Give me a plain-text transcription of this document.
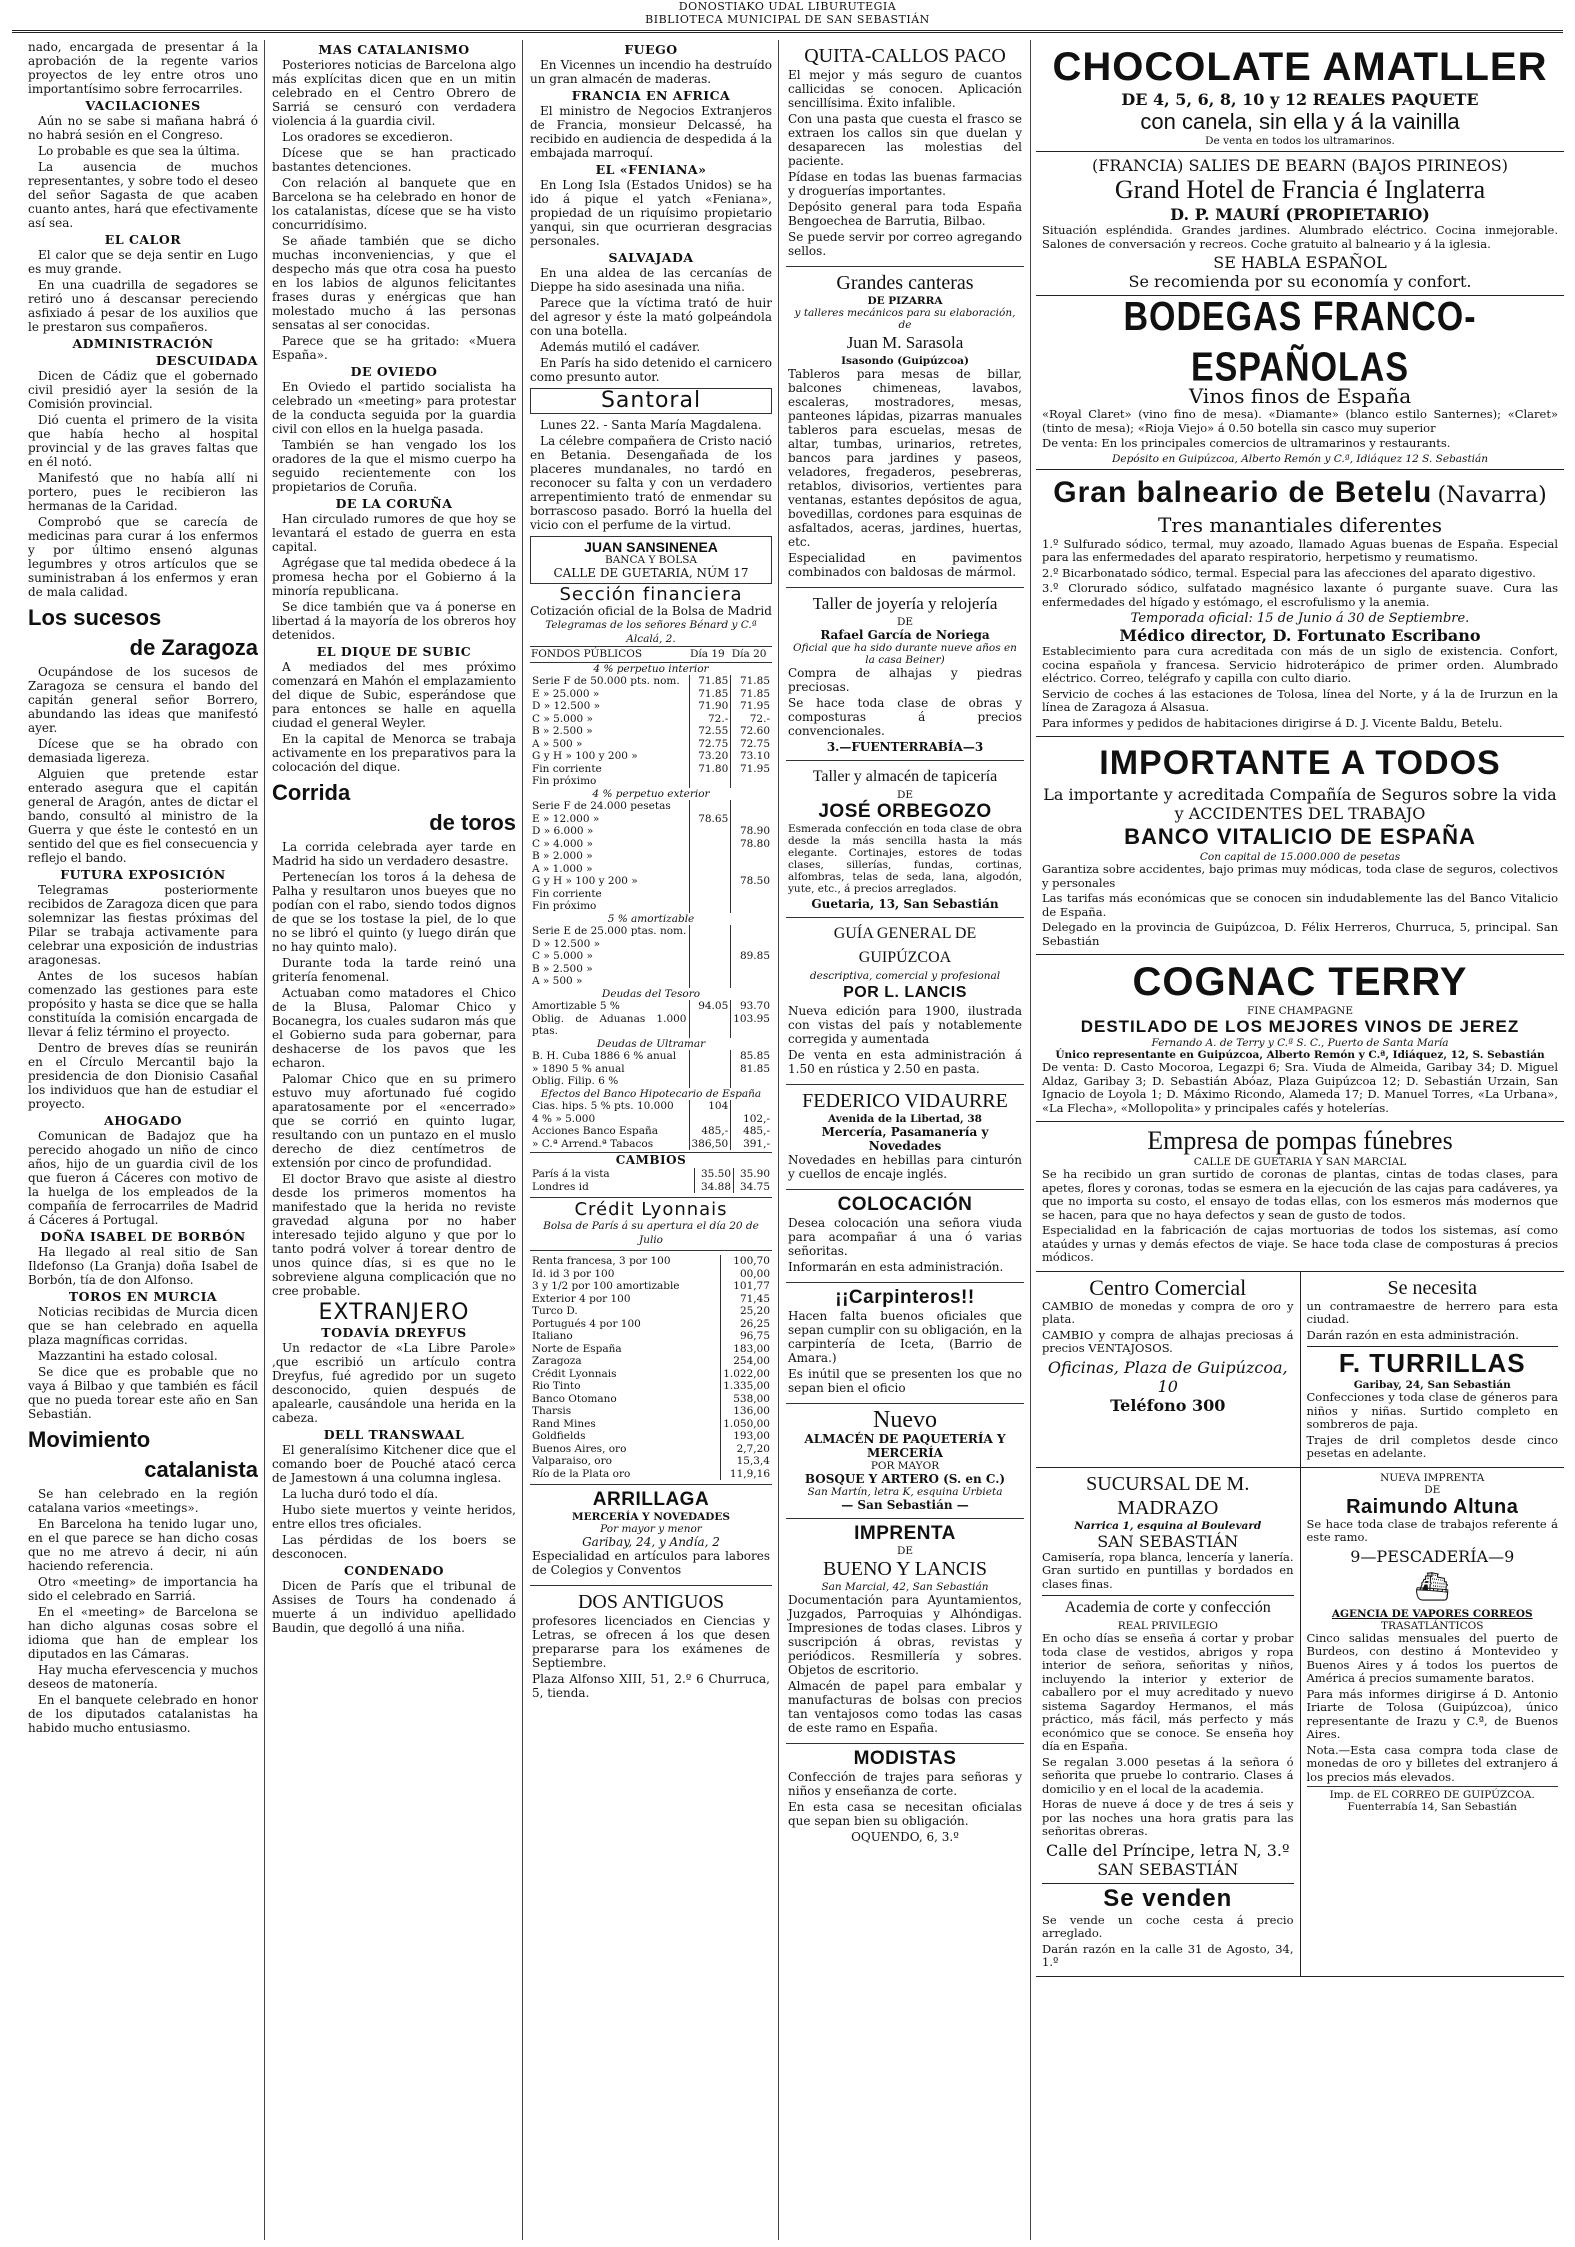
DONOSTIAKO UDAL LIBURUTEGIA
BIBLIOTECA MUNICIPAL DE SAN SEBASTIÁN

nado, encargada de presentar á la aprobación de la regente varios proyectos de ley entre otros uno importantísimo sobre ferrocarriles.

VACILACIONES

Aún no se sabe si mañana habrá ó no habrá sesión en el Congreso.

Lo probable es que sea la última.

La ausencia de muchos representantes, y sobre todo el deseo del señor Sagasta de que acaben cuanto antes, hará que efectivamente así sea.

EL CALOR

El calor que se deja sentir en Lugo es muy grande.

En una cuadrilla de segadores se retiró uno á descansar pereciendo asfixiado á pesar de los auxilios que le prestaron sus compañeros.

ADMINISTRACIÓN
DESCUIDADA

Dicen de Cádiz que el gobernado civil presidió ayer la sesión de la Comisión provincial.

Dió cuenta el primero de la visita que había hecho al hospital provincial y de las graves faltas que en él notó.

Manifestó que no había allí ni portero, pues le recibieron las hermanas de la Caridad.

Comprobó que se carecía de medicinas para curar á los enfermos y por último ensenó algunas legumbres y otros artículos que se suministraban á los enfermos y eran de mala calidad.

Los sucesos
de Zaragoza

Ocupándose de los sucesos de Zaragoza se censura el bando del capitán general señor Borrero, abundando las ideas que manifestó ayer.

Dícese que se ha obrado con demasiada ligereza.

Alguien que pretende estar enterado asegura que el capitán general de Aragón, antes de dictar el bando, consultó al ministro de la Guerra y que éste le contestó en un sentido del que es fiel consecuencia y reflejo el bando.

FUTURA EXPOSICIÓN

Telegramas posteriormente recibidos de Zaragoza dicen que para solemnizar las fiestas próximas del Pilar se trabaja activamente para celebrar una exposición de industrias aragonesas.

Antes de los sucesos habían comenzado las gestiones para este propósito y hasta se dice que se halla constituída la comisión encargada de llevar á feliz término el proyecto.

Dentro de breves días se reunirán en el Círculo Mercantil bajo la presidencia de don Dionisio Casañal los individuos que han de estudiar el proyecto.

AHOGADO

Comunican de Badajoz que ha perecido ahogado un niño de cinco años, hijo de un guardia civil de los que fueron á Cáceres con motivo de la huelga de los empleados de la compañía de ferrocarriles de Madrid á Cáceres á Portugal.

DOÑA ISABEL DE BORBÓN

Ha llegado al real sitio de San Ildefonso (La Granja) doña Isabel de Borbón, tía de don Alfonso.

TOROS EN MURCIA

Noticias recibidas de Murcia dicen que se han celebrado en aquella plaza magníficas corridas.

Mazzantini ha estado colosal.

Se dice que es probable que no vaya á Bilbao y que también es fácil que no pueda torear este año en San Sebastián.

Movimiento
catalanista

Se han celebrado en la región catalana varios «meetings».

En Barcelona ha tenido lugar uno, en el que parece se han dicho cosas que no me atrevo á decir, ni aún haciendo referencia.

Otro «meeting» de importancia ha sido el celebrado en Sarriá.

En el «meeting» de Barcelona se han dicho algunas cosas sobre el idioma que han de emplear los diputados en las Cámaras.

Hay mucha efervescencia y muchos deseos de matonería.

En el banquete celebrado en honor de los diputados catalanistas ha habido mucho entusiasmo.

MAS CATALANISMO

Posteriores noticias de Barcelona algo más explícitas dicen que en un mitin celebrado en el Centro Obrero de Sarriá se censuró con verdadera violencia á la guardia civil.

Los oradores se excedieron.

Dícese que se han practicado bastantes detenciones.

Con relación al banquete que en Barcelona se ha celebrado en honor de los catalanistas, dícese que se ha visto concurridísimo.

Se añade también que se dicho muchas inconveniencias, y que el despecho más que otra cosa ha puesto en los labios de algunos felicitantes frases duras y enérgicas que han molestado mucho á las personas sensatas al ser conocidas.

Parece que se ha gritado: «Muera España».

DE OVIEDO

En Oviedo el partido socialista ha celebrado un «meeting» para protestar de la conducta seguida por la guardia civil con ellos en la huelga pasada.

También se han vengado los los oradores de la que el mismo cuerpo ha seguido recientemente con los propietarios de Coruña.

DE LA CORUÑA

Han circulado rumores de que hoy se levantará el estado de guerra en esta capital.

Agrégase que tal medida obedece á la promesa hecha por el Gobierno á la minoría republicana.

Se dice también que va á ponerse en libertad á la mayoría de los obreros hoy detenidos.

EL DIQUE DE SUBIC

A mediados del mes próximo comenzará en Mahón el emplazamiento del dique de Subic, esperándose que para entonces se halle en aquella ciudad el general Weyler.

En la capital de Menorca se trabaja activamente en los preparativos para la colocación del dique.

Corrida
de toros

La corrida celebrada ayer tarde en Madrid ha sido un verdadero desastre.

Pertenecían los toros á la dehesa de Palha y resultaron unos bueyes que no podían con el rabo, siendo todos dignos de que se los tostase la piel, de lo que no se libró el quinto (y luego dirán que no hay quinto malo).

Durante toda la tarde reinó una gritería fenomenal.

Actuaban como matadores el Chico de la Blusa, Palomar Chico y Bocanegra, los cuales sudaron más que el Gobierno suda para gobernar, para deshacerse de los pavos que les echaron.

Palomar Chico que en su primero estuvo muy afortunado fué cogido aparatosamente por el «encerrado» que se corrió en quinto lugar, resultando con un puntazo en el muslo derecho de diez centímetros de extensión por cinco de profundidad.

El doctor Bravo que asiste al diestro desde los primeros momentos ha manifestado que la herida no reviste gravedad alguna por no haber interesado tejido alguno y que por lo tanto podrá volver á torear dentro de unos quince días, si es que no le sobreviene alguna complicación que no cree probable.

EXTRANJERO
TODAVÍA DREYFUS

Un redactor de «La Libre Parole» ,que escribió un artículo contra Dreyfus, fué agredido por un sugeto desconocido, quien después de apalearle, causándole una herida en la cabeza.

DELL TRANSWAAL

El generalísimo Kitchener dice que el comando boer de Pouché atacó cerca de Jamestown á una columna inglesa.

La lucha duró todo el día.

Hubo siete muertos y veinte heridos, entre ellos tres oficiales.

Las pérdidas de los boers se desconocen.

CONDENADO

Dicen de París que el tribunal de Assises de Tours ha condenado á muerte á un individuo apellidado Baudin, que degolló á una niña.

FUEGO

En Vicennes un incendio ha destruído un gran almacén de maderas.

FRANCIA EN AFRICA

El ministro de Negocios Extranjeros de Francia, monsieur Delcassé, ha recibido en audiencia de despedida á la embajada marroquí.

EL «FENIANA»

En Long Isla (Estados Unidos) se ha ido á pique el yatch «Feniana», propiedad de un riquísimo propietario yanqui, sin que ocurrieran desgracias personales.

SALVAJADA

En una aldea de las cercanías de Dieppe ha sido asesinada una niña.

Parece que la víctima trató de huir del agresor y éste la mató golpeándola con una botella.

Además mutiló el cadáver.

En París ha sido detenido el carnicero como presunto autor.

Santoral

Lunes 22. - Santa María Magdalena.

La célebre compañera de Cristo nació en Betania. Desengañada de los placeres mundanales, no tardó en reconocer su falta y con un verdadero arrepentimiento trató de enmendar su borrascoso pasado. Borró la huella del vicio con el perfume de la virtud.

JUAN SANSINENEA
BANCA Y BOLSA
CALLE DE GUETARIA, NÚM 17
Sección financiera
Cotización oficial de la Bolsa de Madrid
Telegramas de los señores Bénard y C.ª Alcalá, 2.
FONDOS PÚBLICOS	Día 19	Día 20
4 % perpetuo interior		
Serie F de 50.000 pts. nom.	71.85	71.85
E » 25.000 »	71.85	71.85
D » 12.500 »	71.90	71.95
C » 5.000 »	72.-	72.-
B » 2.500 »	72.55	72.60
A » 500 »	72.75	72.75
G y H » 100 y 200 »	73.20	73.10
Fin corriente	71.80	71.95
Fin próximo		
4 % perpetuo exterior		
Serie F de 24.000 pesetas		
E » 12.000 »	78.65	
D » 6.000 »		78.90
C » 4.000 »		78.80
B » 2.000 »		
A » 1.000 »		
G y H » 100 y 200 »		78.50
Fin corriente		
Fin próximo		
5 % amortizable		
Serie E de 25.000 ptas. nom.		
D » 12.500 »		
C » 5.000 »		89.85
B » 2.500 »		
A » 500 »		
Deudas del Tesoro		
Amortizable 5 %	94.05	93.70
Oblig. de Aduanas 1.000 ptas.		103.95
Deudas de Ultramar		
B. H. Cuba 1886 6 % anual		85.85
» 1890 5 % anual		81.85
Oblig. Filip. 6 %		
Efectos del Banco Hipotecario de España		
Cias. hips. 5 % pts. 10.000	104	
4 % » 5.000		102,-
Acciones Banco España	485,-	485,-
» C.ª Arrend.ª Tabacos	386,50	391,-
CAMBIOS
París á la vista	35.50	35.90
Londres id	34.88	34.75
Crédit Lyonnais
Bolsa de París á su apertura el día 20 de Julio
Renta francesa, 3 por 100	100,70
Id. id 3 por 100	00,00
3 y 1/2 por 100 amortizable	101,77
Exterior 4 por 100	71,45
Turco D.	25,20
Portugués 4 por 100	26,25
Italiano	96,75
Norte de España	183,00
Zaragoza	254,00
Crédit Lyonnais	1.022,00
Rio Tinto	1.335,00
Banco Otomano	538,00
Tharsis	136,00
Rand Mines	1.050,00
Goldfields	193,00
Buenos Aires, oro	2,7,20
Valparaiso, oro	15,3,4
Río de la Plata oro	11,9,16
ARRILLAGA
MERCERÍA Y NOVEDADES
Por mayor y menor
Garibay, 24, y Andía, 2

Especialidad en artículos para labores de Colegios y Conventos

DOS ANTIGUOS

profesores licenciados en Ciencias y Letras, se ofrecen á los que desen prepararse para los exámenes de Septiembre.

Plaza Alfonso XIII, 51, 2.º 6 Churruca, 5, tienda.

QUITA-CALLOS PACO

El mejor y más seguro de cuantos callicidas se conocen. Aplicación sencillísima. Éxito infalible.

Con una pasta que cuesta el frasco se extraen los callos sin que duelan y desaparecen las molestias del paciente.

Pídase en todas las buenas farmacias y droguerías importantes.

Depósito general para toda España Bengoechea de Barrutia, Bilbao.

Se puede servir por correo agregando sellos.

Grandes canteras
DE PIZARRA
y talleres mecánicos para su elaboración, de
Juan M. Sarasola
Isasondo (Guipúzcoa)

Tableros para mesas de billar, balcones chimeneas, lavabos, escaleras, mostradores, mesas, panteones lápidas, pizarras manuales tableros para escuelas, mesas de altar, tumbas, urinarios, retretes, bancos para jardines y paseos, veladores, fregaderos, pesebreras, retablos, divisorios, vertientes para ventanas, estantes depósitos de agua, bovedillas, cordones para esquinas de asfaltados, aceras, jardines, huertas, etc.

Especialidad en pavimentos combinados con baldosas de mármol.

Taller de joyería y relojería
DE
Rafael García de Noriega
Oficial que ha sido durante nueve años en la casa Beiner)

Compra de alhajas y piedras preciosas.

Se hace toda clase de obras y composturas á precios convencionales.

3.—FUENTERRABÍA—3
Taller y almacén de tapicería
DE
JOSÉ ORBEGOZO

Esmerada confección en toda clase de obra desde la más sencilla hasta la más elegante. Cortinajes, estores de todas clases, sillerías, fundas, cortinas, alfombras, telas de seda, lana, algodón, yute, etc., á precios arreglados.

Guetaria, 13, San Sebastián
GUÍA GENERAL DE GUIPÚZCOA
descriptiva, comercial y profesional
POR L. LANCIS

Nueva edición para 1900, ilustrada con vistas del país y notablemente corregida y aumentada

De venta en esta administración á 1.50 en rústica y 2.50 en pasta.

FEDERICO VIDAURRE
Avenida de la Libertad, 38
Mercería, Pasamanería y Novedades

Novedades en hebillas para cinturón y cuellos de encaje inglés.

COLOCACIÓN

Desea colocación una señora viuda para acompañar á una ó varias señoritas.

Informarán en esta administración.

¡¡Carpinteros!!

Hacen falta buenos oficiales que sepan cumplir con su obligación, en la carpintería de Iceta, (Barrio de Amara.)

Es inútil que se presenten los que no sepan bien el oficio

Nuevo
ALMACÉN DE PAQUETERÍA Y MERCERÍA
POR MAYOR
BOSQUE Y ARTERO (S. en C.)
San Martín, letra K, esquina Urbieta
— San Sebastián —
IMPRENTA
DE
BUENO Y LANCIS
San Marcial, 42, San Sebastián

Documentación para Ayuntamientos, Juzgados, Parroquias y Alhóndigas. Impresiones de todas clases. Libros y suscripción á obras, revistas y periódicos. Resmillería y sobres. Objetos de escritorio.

Almacén de papel para embalar y manufacturas de bolsas con precios tan ventajosos como todas las casas de este ramo en España.

MODISTAS

Confección de trajes para señoras y niños y enseñanza de corte.

En esta casa se necesitan oficialas que sepan bien su obligación.

OQUENDO, 6, 3.º
CHOCOLATE AMATLLER
DE 4, 5, 6, 8, 10 y 12 REALES PAQUETE
con canela, sin ella y á la vainilla
De venta en todos los ultramarinos.
(FRANCIA) SALIES DE BEARN (BAJOS PIRINEOS)
Grand Hotel de Francia é Inglaterra
D. P. MAURÍ (PROPIETARIO)

Situación espléndida. Grandes jardines. Alumbrado eléctrico. Cocina inmejorable. Salones de conversación y recreos. Coche gratuito al balneario y á la iglesia.

SE HABLA ESPAÑOL
Se recomienda por su economía y confort.
BODEGAS FRANCO-ESPAÑOLAS
Vinos finos de España

«Royal Claret» (vino fino de mesa). «Diamante» (blanco estilo Santernes); «Claret» (tinto de mesa); «Rioja Viejo» á 0.50 botella sin casco muy superior

De venta: En los principales comercios de ultramarinos y restaurants.

Depósito en Guipúzcoa, Alberto Remón y C.ª, Idiáquez 12 S. Sebastián
Gran balneario de Betelu (Navarra)
Tres manantiales diferentes

1.º Sulfurado sódico, termal, muy azoado, llamado Aguas buenas de España. Especial para las enfermedades del aparato respiratorio, herpetismo y reumatismo.

2.º Bicarbonatado sódico, termal. Especial para las afecciones del aparato digestivo.

3.º Clorurado sódico, sulfatado magnésico laxante ó purgante suave. Cura las enfermedades del hígado y estómago, el escrofulismo y la anemia.

Temporada oficial: 15 de Junio á 30 de Septiembre.
Médico director, D. Fortunato Escribano

Establecimiento para cura acreditada con más de un siglo de existencia. Confort, cocina española y francesa. Servicio hidroterápico de primer orden. Alumbrado eléctrico. Correo, telégrafo y capilla con culto diario.

Servicio de coches á las estaciones de Tolosa, línea del Norte, y á la de Irurzun en la línea de Zaragoza á Alsasua.

Para informes y pedidos de habitaciones dirigirse á D. J. Vicente Baldu, Betelu.

IMPORTANTE A TODOS
La importante y acreditada Compañía de Seguros sobre la vida y ACCIDENTES DEL TRABAJO
BANCO VITALICIO DE ESPAÑA
Con capital de 15.000.000 de pesetas

Garantiza sobre accidentes, bajo primas muy módicas, toda clase de seguros, colectivos y personales

Las tarifas más económicas que se conocen sin indudablemente las del Banco Vitalicio de España.

Delegado en la provincia de Guipúzcoa, D. Félix Herreros, Churruca, 5, principal. San Sebastián

COGNAC TERRY
FINE CHAMPAGNE
DESTILADO DE LOS MEJORES VINOS DE JEREZ
Fernando A. de Terry y C.ª S. C., Puerto de Santa María
Único representante en Guipúzcoa, Alberto Remón y C.ª, Idiáquez, 12, S. Sebastián

De venta: D. Casto Mocoroa, Legazpi 6; Sra. Viuda de Almeida, Garibay 34; D. Miguel Aldaz, Garibay 3; D. Sebastián Abóaz, Plaza Guipúzcoa 12; D. Sebastián Urzain, San Ignacio de Loyola 1; D. Máximo Ricondo, Alameda 17; D. Manuel Torres, «La Urbana», «La Flecha», «Mollopolita» y principales cafés y hotelerías.

Empresa de pompas fúnebres
CALLE DE GUETARIA Y SAN MARCIAL

Se ha recibido un gran surtido de coronas de plantas, cintas de todas clases, para apetes, flores y coronas, todas se esmera en la ejecución de las cajas para cadáveres, ya que no importa su costo, el ensayo de todas ellas, con los esmeros más modernos que se hacen, para que no haya defectos y sean de gusto de todos.

Especialidad en la fabricación de cajas mortuorias de todos los sistemas, así como ataúdes y urnas y demás efectos de viaje. Se hace toda clase de composturas á precios módicos.

Centro Comercial

CAMBIO de monedas y compra de oro y plata.

CAMBIO y compra de alhajas preciosas á precios VENTAJOSOS.

Oficinas, Plaza de Guipúzcoa, 10
Teléfono 300
Se necesita

un contramaestre de herrero para esta ciudad.

Darán razón en esta administración.

F. TURRILLAS
Garibay, 24, San Sebastián

Confecciones y toda clase de géneros para niños y niñas. Surtido completo en sombreros de paja.

Trajes de dril completos desde cinco pesetas en adelante.

SUCURSAL DE M. MADRAZO
Narrica 1, esquina al Boulevard
SAN SEBASTIÁN

Camisería, ropa blanca, lencería y lanería. Gran surtido en puntillas y bordados en clases finas.

Academia de corte y confección
REAL PRIVILEGIO

En ocho días se enseña á cortar y probar toda clase de vestidos, abrigos y ropa interior de señora, señoritas y niños, incluyendo la interior y exterior de caballero por el muy acreditado y nuevo sistema Sagardoy Hermanos, el más práctico, más fácil, más perfecto y más económico que se conoce. Se enseña hoy día en España.

Se regalan 3.000 pesetas á la señora ó señorita que pruebe lo contrario. Clases á domicilio y en el local de la academia.

Horas de nueve á doce y de tres á seis y por las noches una hora gratis para las señoritas obreras.

Calle del Príncipe, letra N, 3.º
SAN SEBASTIÁN
Se venden

Se vende un coche cesta á precio arreglado.

Darán razón en la calle 31 de Agosto, 34, 1.º

NUEVA IMPRENTA
DE
Raimundo Altuna

Se hace toda clase de trabajos referente á este ramo.

9—PESCADERÍA—9
⛴
AGENCIA DE VAPORES CORREOS
TRASATLÁNTICOS

Cinco salidas mensuales del puerto de Burdeos, con destino á Montevideo y Buenos Aires y á todos los puertos de América á precios sumamente baratos.

Para más informes dirigirse á D. Antonio Iriarte de Tolosa (Guipúzcoa), único representante de Irazu y C.ª, de Buenos Aires.

Nota.—Esta casa compra toda clase de monedas de oro y billetes del extranjero á los precios más elevados.

Imp. de EL CORREO DE GUIPÚZCOA. Fuenterrabía 14, San Sebastián
